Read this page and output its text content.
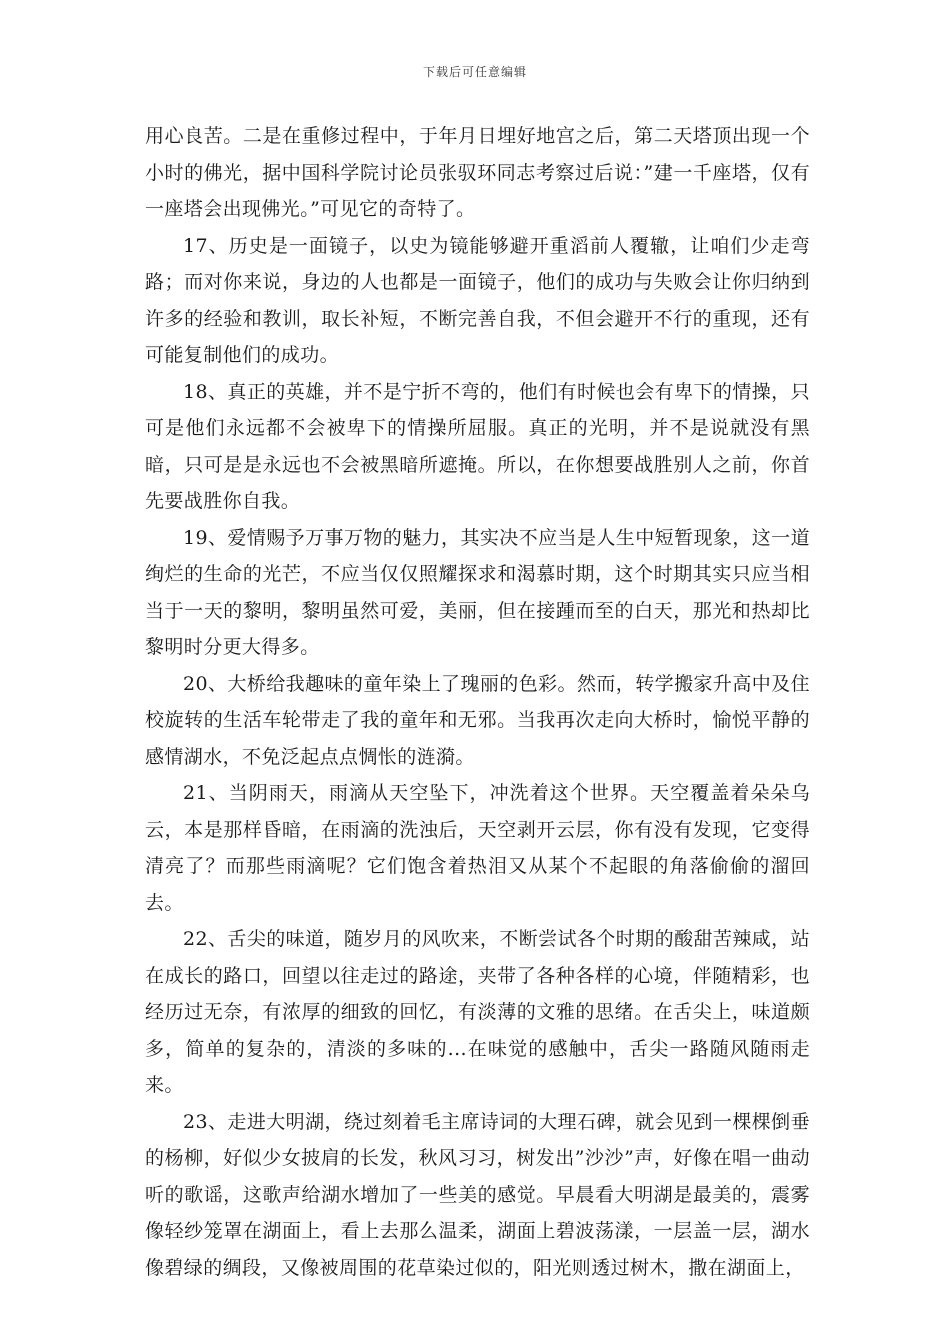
下载后可任意编辑

用心良苦。二是在重修过程中，于年月日埋好地宫之后，第二天塔顶出现一个小时的佛光，据中国科学院讨论员张驭环同志考察过后说：”建一千座塔，仅有一座塔会出现佛光。”可见它的奇特了。

17、历史是一面镜子，以史为镜能够避开重滔前人覆辙，让咱们少走弯路；而对你来说，身边的人也都是一面镜子，他们的成功与失败会让你归纳到许多的经验和教训，取长补短，不断完善自我，不但会避开不行的重现，还有可能复制他们的成功。

18、真正的英雄，并不是宁折不弯的，他们有时候也会有卑下的情操，只可是他们永远都不会被卑下的情操所屈服。真正的光明，并不是说就没有黑暗，只可是是永远也不会被黑暗所遮掩。所以，在你想要战胜别人之前，你首先要战胜你自我。

19、爱情赐予万事万物的魅力，其实决不应当是人生中短暂现象，这一道绚烂的生命的光芒，不应当仅仅照耀探求和渴慕时期，这个时期其实只应当相当于一天的黎明，黎明虽然可爱，美丽，但在接踵而至的白天，那光和热却比黎明时分更大得多。

20、大桥给我趣味的童年染上了瑰丽的色彩。然而，转学搬家升高中及住校旋转的生活车轮带走了我的童年和无邪。当我再次走向大桥时，愉悦平静的感情湖水，不免泛起点点惆怅的涟漪。

21、当阴雨天，雨滴从天空坠下，冲洗着这个世界。天空覆盖着朵朵乌云，本是那样昏暗，在雨滴的洗浊后，天空剥开云层，你有没有发现，它变得清亮了？而那些雨滴呢？它们饱含着热泪又从某个不起眼的角落偷偷的溜回去。

22、舌尖的味道，随岁月的风吹来，不断尝试各个时期的酸甜苦辣咸，站在成长的路口，回望以往走过的路途，夹带了各种各样的心境，伴随精彩，也经历过无奈，有浓厚的细致的回忆，有淡薄的文雅的思绪。在舌尖上，味道颇多，简单的复杂的，清淡的多味的...在味觉的感触中，舌尖一路随风随雨走来。

23、走进大明湖，绕过刻着毛主席诗词的大理石碑，就会见到一棵棵倒垂的杨柳，好似少女披肩的长发，秋风习习，树发出”沙沙”声，好像在唱一曲动听的歌谣，这歌声给湖水增加了一些美的感觉。早晨看大明湖是最美的，震雾像轻纱笼罩在湖面上，看上去那么温柔，湖面上碧波荡漾，一层盖一层，湖水像碧绿的绸段，又像被周围的花草染过似的，阳光则透过树木，撒在湖面上，
